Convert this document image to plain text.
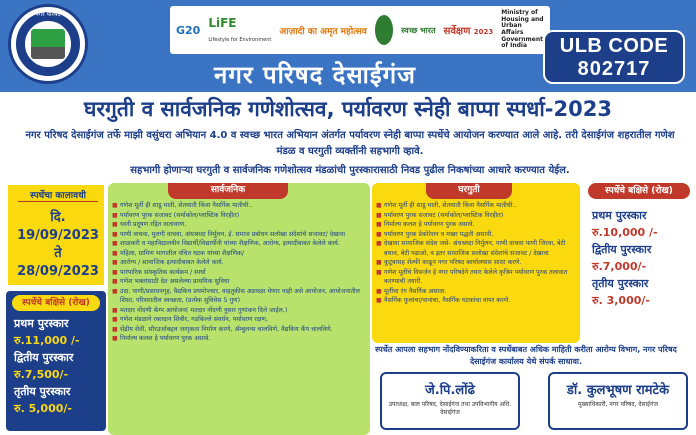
देसाईगंज नगर परिषद देसाईगंज
G20 LiFE
Lifestyle for Environment
आज़ादी का अमृत महोत्सव	स्वच्छ भारत सर्वेक्षण 2023
Ministry of Housing and Urban Affairs Government of India	ULB CODE
802717
नगर परिषद देसाईगंज
घरगुती व सार्वजनिक गणेशोत्सव, पर्यावरण स्नेही बाप्पा स्पर्धा-2023
नगर परिषद देसाईगंज तर्फे माझी वसुंधरा अभियान 4.0 व स्वच्छ भारत अभियान अंतर्गत पर्यावरण स्नेही बाप्पा स्पर्धेचे आयोजन करण्यात आले आहे. तरी देसाईगंज शहरातील गणेश मंडळ व घरगुती व्यक्तींनी सहभागी व्हावे.
सहभागी होणाऱ्या घरगुती व सार्वजनिक गणेशोत्सव मंडळांची पुरस्कारासाठी निवड पुढील निकषांच्या आधारे करण्यात येईल.
स्पर्धेचा कालावधी
दि. 19/09/2023
ते
28/09/2023
स्पर्धेचे बक्षिसे (रोख)
प्रथम पुरस्कार
रु.11,000 /-
द्वितीय पुरस्कार
रु.7,500/-
तृतीय पुरस्कार
रु. 5,000/-
सार्वजनिक
■ गणेश मूर्ती ही शाडू माती, शेतमाती किंवा नैसर्गिक मातीची..
■ पर्यावरण पूरक सजावट (थर्माकोल/प्लास्टिक विरहीत)
■ ध्वनी प्रदूषण रहित वातावरण.
■ पाणी वाचवा, मुलगी वाचवा, अंधश्रध्दा निर्मुलन, ई. समाज प्रबोधन सलोखा संदेशांचे सजावट/ देखावा
■ शाळकरी व महाविद्यालयीन विद्यार्थी/विद्यार्थीनी यांच्या शैक्षणिक, आरोग्य, इत्यादीबाबत केलेले कार्य.
■ महिला, ग्रामिण भागातील वंचित घटक यांच्या शैक्षणिक/
■ आरोग्य / सामाजिक इत्यादीबाबत केलेले कार्य.
■ पारंपारिक सांस्कृतिक कार्यक्रम / स्पर्धा
■ गणेश भक्तांसाठी देत असलेल्या प्राथमिक सुविधा
■ उदा. पाणी/प्रसाधनगृह, वैद्यकिय प्रथमोपचार, वाहतुकीस अडथळा येणार नाही असे आयोजन, आयोजनातील शिस्त, परिसरातील स्वच्छता, (प्रत्येक सुविधेस 5 गुण)
■ मतदार नोंदणी कॅम्प आयोजन( मतदार नोंदणी नुसार गुणांकन दिले जाईल.)
■ गणेश मंडळाने रक्तदान शिबीर, गडकिल्ले संवर्धन, पर्यावरण रक्षण,
■ सेंद्रीय शेती, सौरउर्जाबद्दल जागृकता निर्माण करणे, ॲम्बुलन्स चालविणे, वैद्यकिय कॅंप चालविणे.
■ निर्माल्य कलश हे पर्यावरण पुरक असावे.
घरगुती
■ गणेश मूर्ती ही शाडू माती, शेतमाती किंवा नैसर्गिक मातीची..
■ पर्यावरण पुरक सजावट (थर्माकोल/प्लास्टिक विरहीत)
■ निर्माल्य कलश हे पर्यावरण पुरक असावे.
■ पर्यावरण पुरक डेकोरेशन व मखर पद्धती असावी.
■ देखावा सामाजिक संदेश जसे- अंधश्रध्दा निर्मुलन, पाणी वाचवा पाणी जिरवा, बेटी बचाव, बेटी पढाओ, व इतर सामाजिक सलोखा संदेशांचे सजावट / देखावा
■ कुटूंबासह शेल्फी काढून नगर परिषद कार्यालयास सादर करणे.
■ गणेश मूर्तीचे विसर्जन हे नगर परिषदेने तयार केलेले कृत्रिम पर्यावरण पुरक तलावात करण्याची तयारी.
■ मूर्तीचा रंग नैसर्गिक असावा.
■ नैसर्गिक फुलांचा/पानांचा, नैसर्गिक घटकांचा वापर करणे.
स्पर्धेत आपला सहभाग नोंदविण्याकरिता व स्पर्धेबाबत अधिक माहिती करीता आरोग्य विभाग, नगर परिषद देसाईगंज कार्यालय येथे संपर्क साधावा.
जे.पि.लोंढे
उपाध्यक्ष, बाल परिषद, देसाईगंज तथा उपविभागीय अधि. देसाईगंज
डॉ. कुलभूषण रामटेके
मुख्याधिकारी, नगर परिषद, देसाईगंज
स्पर्धेचे बक्षिसे (रोख)
प्रथम पुरस्कार
रु.10,000 /-
द्वितीय पुरस्कार
रु.7,000/-
तृतीय पुरस्कार
रु. 3,000/-
